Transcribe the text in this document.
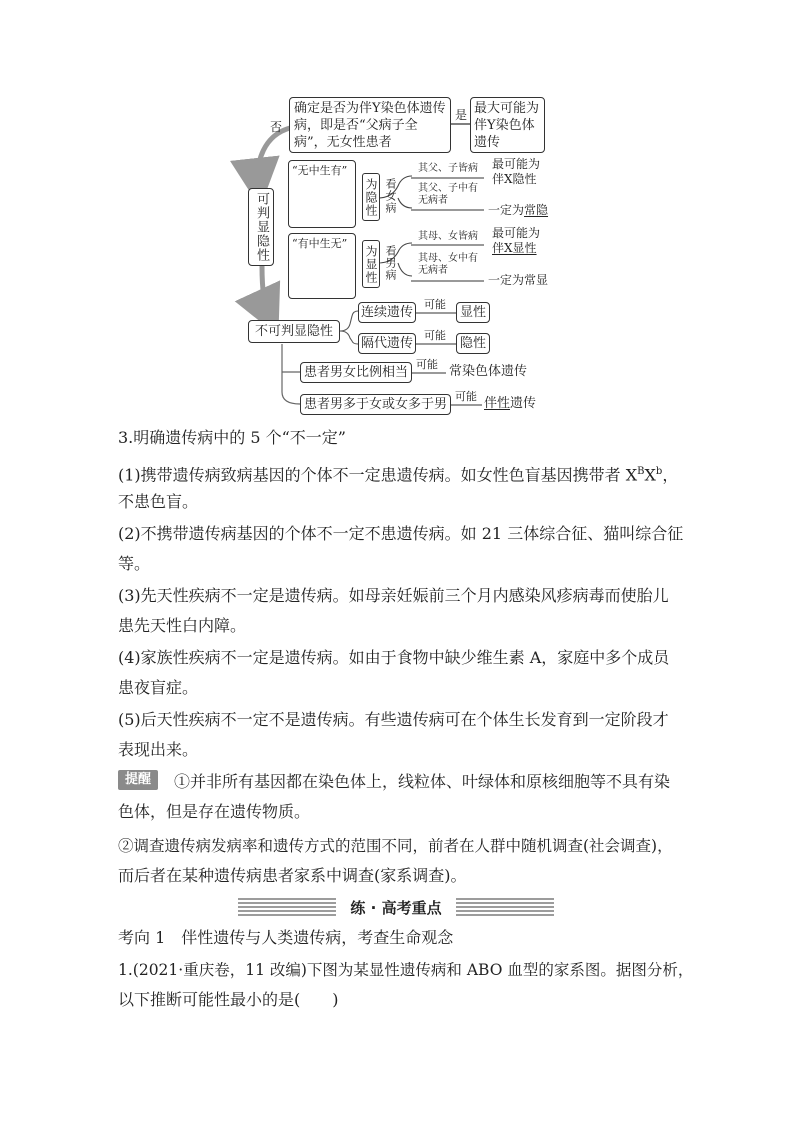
否
确定是否为伴Y染色体遗传病，即是否“父病子全病”，无女性患者
是 最大可能为伴Y染色体遗传
可判显隐性
“无中生有”
为隐性 看女病
其父、子皆病
其父、子中有无病者
最可能为伴X隐性
一定为常隐
“有中生无”
为显性 看男病
其母、女皆病
其母、女中有无病者
最可能为
伴X显性
一定为常显
不可判显隐性
连续遗传
可能
显性
隔代遗传
可能
隐性
患者男女比例相当
可能 常染色体遗传
患者男多于女或女多于男
可能 伴性遗传
3.明确遗传病中的 5 个“不一定”
(1)携带遗传病致病基因的个体不一定患遗传病。如女性色盲基因携带者 $X^BX^b$，
不患色盲。
(2)不携带遗传病基因的个体不一定不患遗传病。如 21 三体综合征、猫叫综合征
等。
(3)先天性疾病不一定是遗传病。如母亲妊娠前三个月内感染风疹病毒而使胎儿
患先天性白内障。
(4)家族性疾病不一定是遗传病。如由于食物中缺少维生素 A，家庭中多个成员
患夜盲症。
(5)后天性疾病不一定不是遗传病。有些遗传病可在个体生长发育到一定阶段才
表现出来。
提醒	①并非所有基因都在染色体上，线粒体、叶绿体和原核细胞等不具有染
色体，但是存在遗传物质。
②调查遗传病发病率和遗传方式的范围不同，前者在人群中随机调查(社会调查)，
而后者在某种遗传病患者家系中调查(家系调查)。
练 · 高考重点
考向 1　伴性遗传与人类遗传病，考查生命观念
1.(2021·重庆卷，11 改编)下图为某显性遗传病和 ABO 血型的家系图。据图分析，
以下推断可能性最小的是(　　)
